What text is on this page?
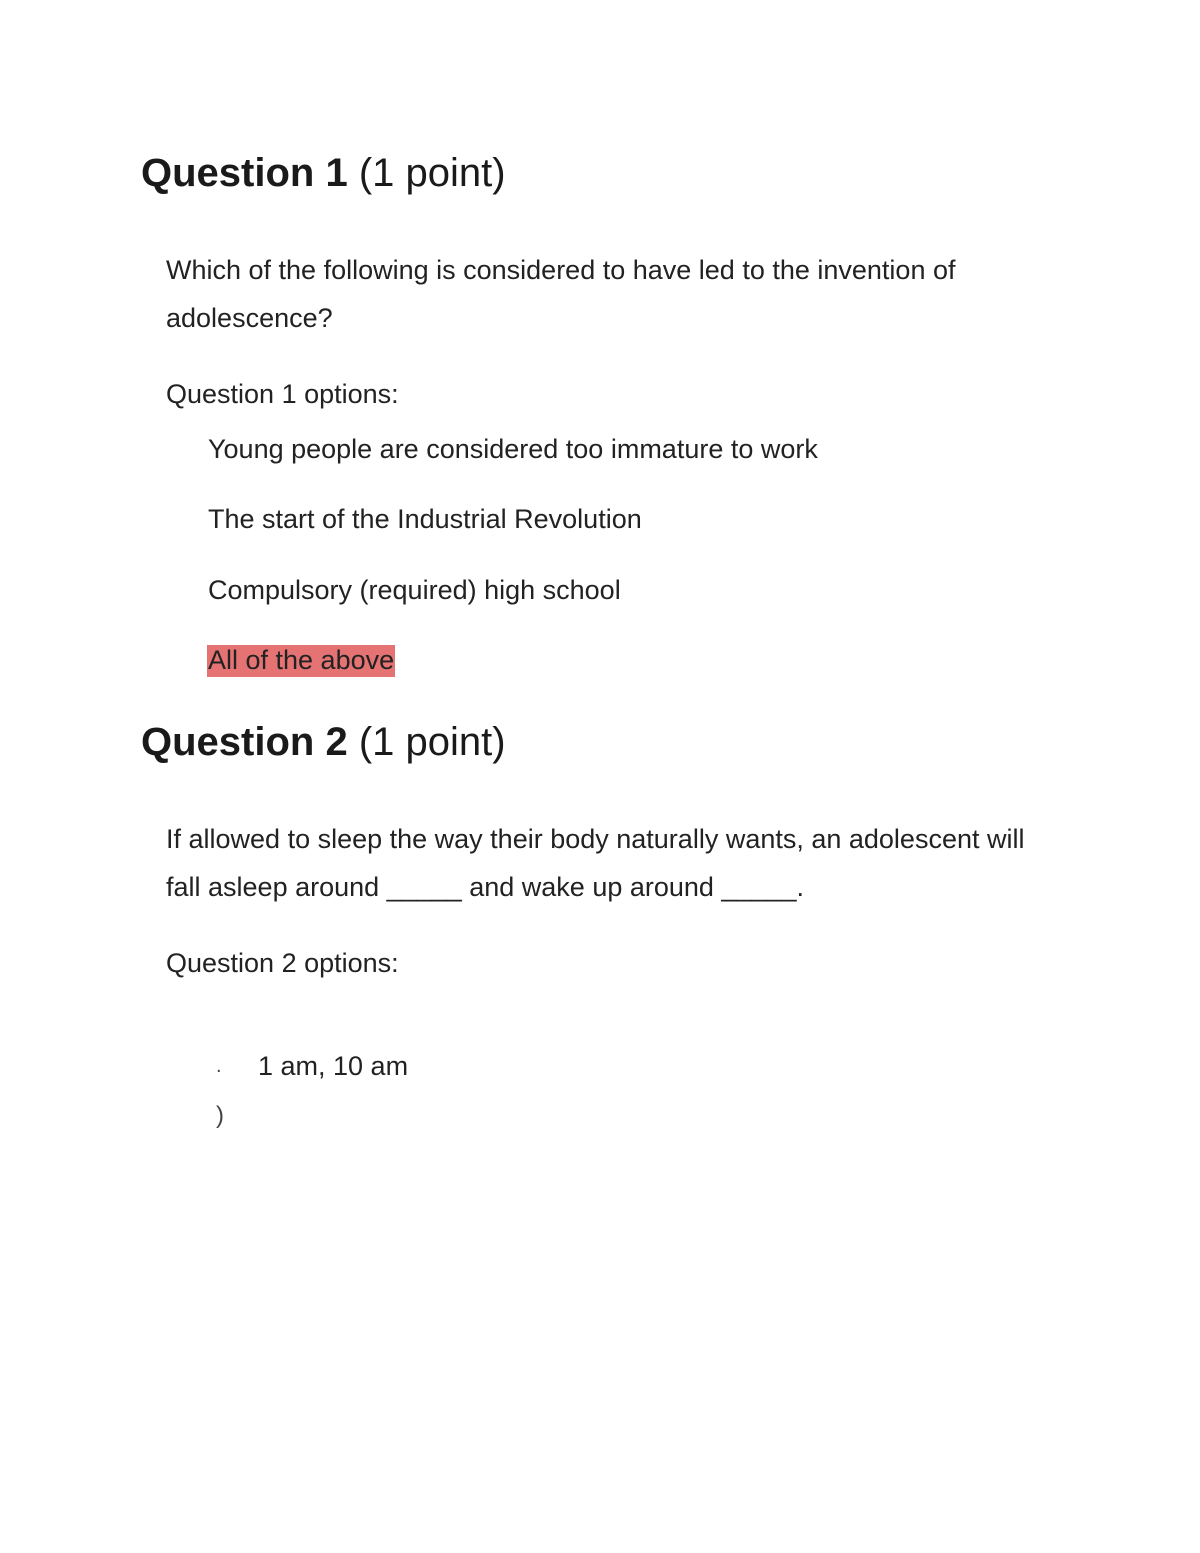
Question 1 (1 point)

Which of the following is considered to have led to the invention of adolescence?

Question 1 options:

Young people are considered too immature to work

The start of the Industrial Revolution

Compulsory (required) high school

All of the above

Question 2 (1 point)

If allowed to sleep the way their body naturally wants, an adolescent will fall asleep around _____ and wake up around _____.

Question 2 options:

.
)

1 am, 10 am
